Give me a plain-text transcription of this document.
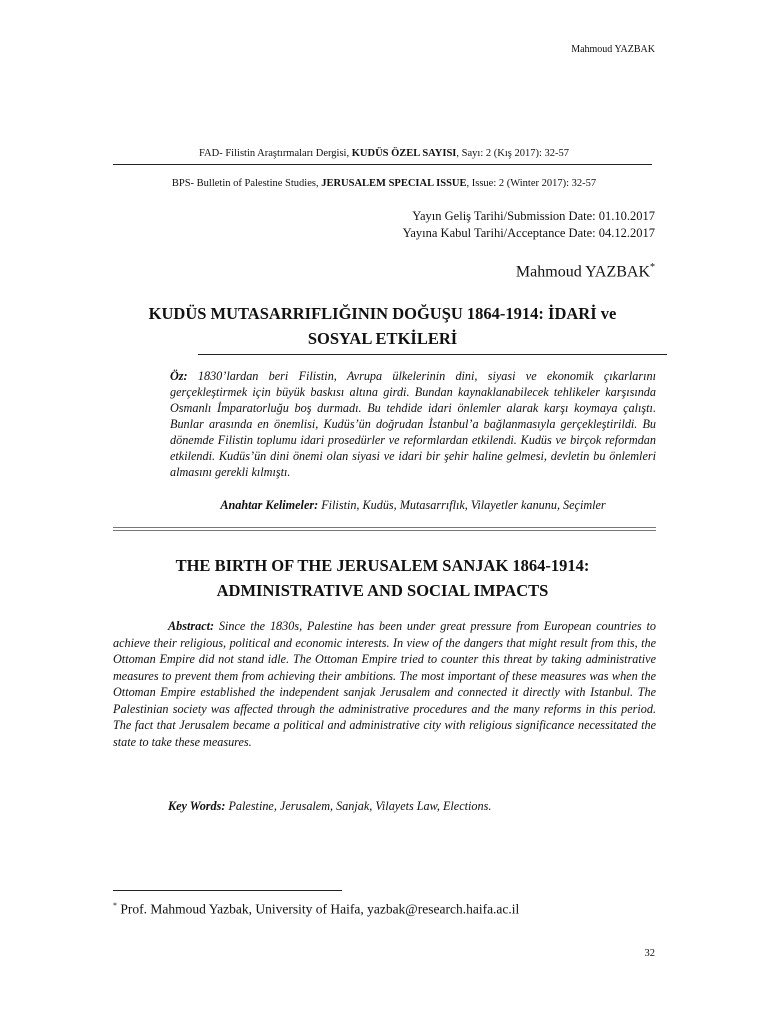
Mahmoud YAZBAK
FAD- Filistin Araştırmaları Dergisi, KUDÜS ÖZEL SAYISI, Sayı: 2 (Kış 2017): 32-57
BPS- Bulletin of Palestine Studies, JERUSALEM SPECIAL ISSUE, Issue: 2 (Winter 2017): 32-57
Yayın Geliş Tarihi/Submission Date: 01.10.2017
Yayına Kabul Tarihi/Acceptance Date: 04.12.2017
Mahmoud YAZBAK*
KUDÜS MUTASARRIFLIĞININ DOĞUŞU 1864-1914: İDARİ ve
SOSYAL ETKİLERİ
Öz: 1830’lardan beri Filistin, Avrupa ülkelerinin dini, siyasi ve ekonomik çıkarlarını gerçekleştirmek için büyük baskısı altına girdi. Bundan kaynaklanabilecek tehlikeler karşısında Osmanlı İmparatorluğu boş durmadı. Bu tehdide idari önlemler alarak karşı koymaya çalıştı. Bunlar arasında en önemlisi, Kudüs’ün doğrudan İstanbul’a bağlanmasıyla gerçekleştirildi. Bu dönemde Filistin toplumu idari prosedürler ve reformlardan etkilendi. Kudüs ve birçok reformdan etkilendi. Kudüs’ün dini önemi olan siyasi ve idari bir şehir haline gelmesi, devletin bu önlemleri almasını gerekli kılmıştı.
Anahtar Kelimeler: Filistin, Kudüs, Mutasarrıflık, Vilayetler kanunu, Seçimler
THE BIRTH OF THE JERUSALEM SANJAK 1864-1914:
ADMINISTRATIVE AND SOCIAL IMPACTS
Abstract: Since the 1830s, Palestine has been under great pressure from European countries to achieve their religious, political and economic interests. In view of the dangers that might result from this, the Ottoman Empire did not stand idle. The Ottoman Empire tried to counter this threat by taking administrative measures to prevent them from achieving their ambitions. The most important of these measures was when the Ottoman Empire established the independent sanjak Jerusalem and connected it directly with Istanbul. The Palestinian society was affected through the administrative procedures and the many reforms in this period. The fact that Jerusalem became a political and administrative city with religious significance necessitated the state to take these measures.
Key Words: Palestine, Jerusalem, Sanjak, Vilayets Law, Elections.
* Prof. Mahmoud Yazbak, University of Haifa, yazbak@research.haifa.ac.il
32
